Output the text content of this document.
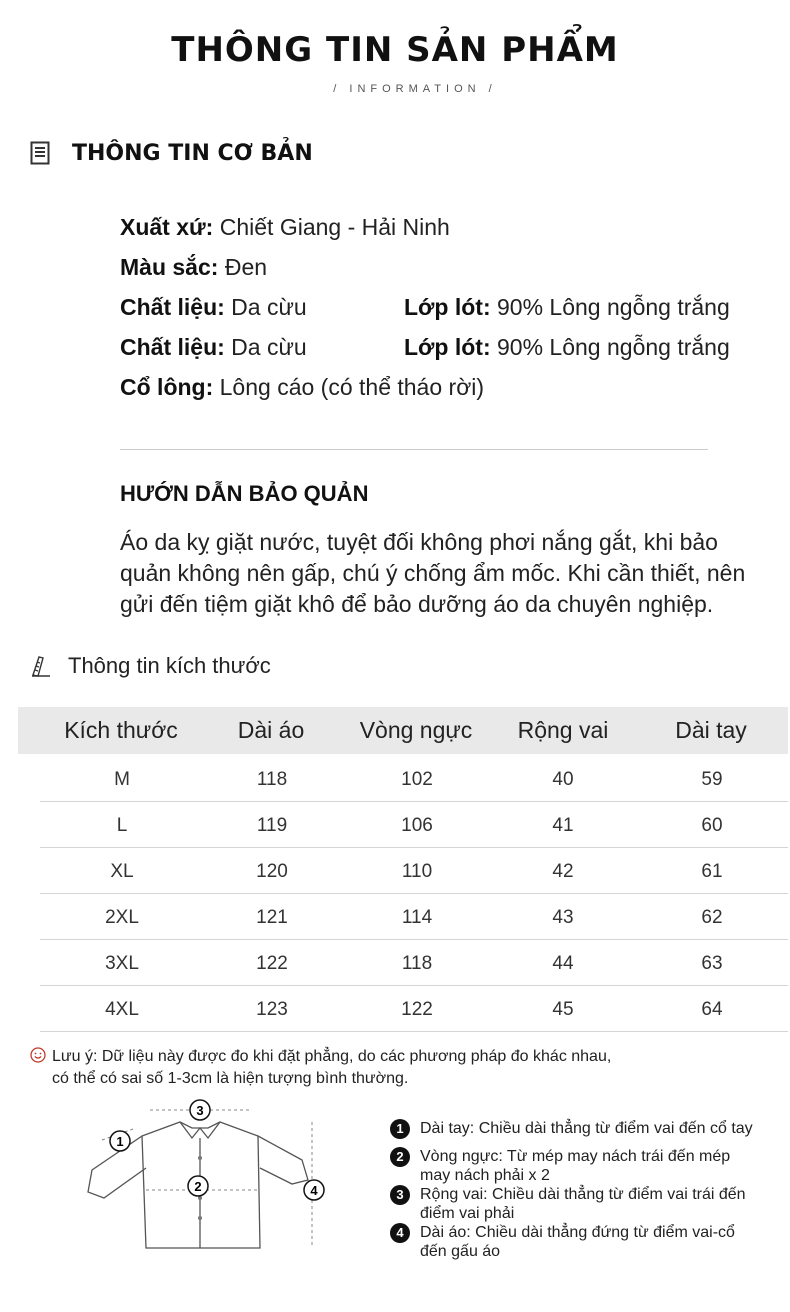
THÔNG TIN SẢN PHẨM
/ INFORMATION /
THÔNG TIN CƠ BẢN
Xuất xứ: Chiết Giang - Hải Ninh
Màu sắc: Đen
Chất liệu: Da cừu	Lớp lót: 90% Lông ngỗng trắng
Chất liệu: Da cừu	Lớp lót: 90% Lông ngỗng trắng
Cổ lông: Lông cáo (có thể tháo rời)
HƯỚN DẪN BẢO QUẢN
Áo da kỵ giặt nước, tuyệt đối không phơi nắng gắt, khi bảo
quản không nên gấp, chú ý chống ẩm mốc. Khi cần thiết, nên
gửi đến tiệm giặt khô để bảo dưỡng áo da chuyên nghiệp.
Thông tin kích thước
Kích thước	Dài áo	Vòng ngực	Rộng vai	Dài tay
M	118	102	40	59
L	119	106	41	60
XL	120	110	42	61
2XL	121	114	43	62
3XL	122	118	44	63
4XL	123	122	45	64
Lưu ý: Dữ liệu này được đo khi đặt phẳng, do các phương pháp đo khác nhau,
có thể có sai số 1-3cm là hiện tượng bình thường.
1
2
3
4
1	Dài tay: Chiều dài thẳng từ điểm vai đến cổ tay
2	Vòng ngực: Từ mép may nách trái đến mép may nách phải x 2
3	Rộng vai: Chiều dài thẳng từ điểm vai trái đến điểm vai phải
4	Dài áo: Chiều dài thẳng đứng từ điểm vai-cổ đến gấu áo
